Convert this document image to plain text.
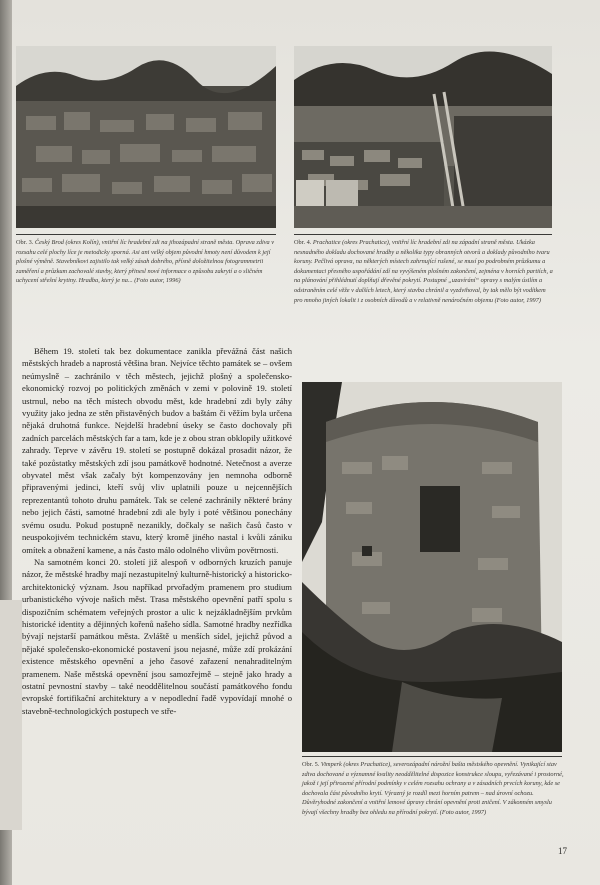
Obr. 3. Český Brod (okres Kolín), vnitřní líc hradební zdi na jihozápadní straně města. Oprava zdiva v rozsahu celé plochy líce je metodicky sporná. Asi ani velký objem původní hmoty není důvodem k její plošné výměně. Stavebníkovi zajistilo tak velký zásah dobrého, přísně doložitelnou fotogrammetrii zaměření a průzkum zachovalé stavby, který přinesl nové informace o způsobu zakrytí a o sličném uchycení střešní krytiny. Hradba, který je na... (Foto autor, 1996)
Obr. 4. Prachatice (okres Prachatice), vnitřní líc hradební zdi na západní straně města. Ukázka nesnadného dokladu dochované hradby a několika typy obranných otvorů a doklady původního tvaru koruny. Pečlivá oprava, na některých místech zahrnující rušené, se musí po podrobném průzkumu a dokumentaci přesného uspořádání zdí na vyvýšeném plošném zakončení, zejména v horních partiích, a na plánování přihlédnutí doplňují dřevěné pokrytí. Postupné „uzavírání“ opravy s malým úsilím a odstraněním celé věže v dalších letech, který stavba chránil a vyzdvihoval, by tak mělo být vodítkem pro mnoho jiných lokalit i z osobních důvodů a v relativně nenáročném objemu (Foto autor, 1997)
Obr. 5. Vimperk (okres Prachatice), severozápadní nárožní bašta městského opevnění. Vynikající stav zdiva dochované a významné kvality neoddělitelné dispozice konstrukce sloupu, vyřezávané i prostorné, jakož i její přirozené přírodní podmínky v celém rozsahu ochrany a v zásadních prvcích koruny, kde se dochovala část původního krytí. Výrazný je rozdíl mezi horním patrem – nad úrovní ochozu. Důvěryhodné zakončení a vnitřní lemové úpravy chrání opevnění proti zničení. V zákonném smyslu bývají všechny hradby bez ohledu na přírodní pokrytí. (Foto autor, 1997)

Během 19. století tak bez dokumentace zanikla převážná část našich městských hradeb a naprostá většina bran. Nejvíce těchto památek se – ovšem neúmyslně – zachránilo v těch městech, jejichž plošný a společensko-ekonomický rozvoj po politických změnách v zemi v polovině 19. století ustrnul, nebo na těch místech obvodu měst, kde hradební zdi byly záhy využity jako jedna ze stěn přistavěných budov a baštám či věžím byla určena nějaká druhotná funkce. Nejdelší hradební úseky se často dochovaly při zadních parcelách městských far a tam, kde je z obou stran obklopily užitkové zahrady. Teprve v závěru 19. století se postupně dokázal prosadit názor, že také pozůstatky městských zdí jsou památkově hodnotné. Netečnost a averze obyvatel měst však začaly být kompenzovány jen nemnoha odborně připravenými jedinci, kteří svůj vliv uplatnili pouze u nejcennějších reprezentantů tohoto druhu památek. Tak se celené zachránily některé brány nebo jejich části, samotné hradební zdi ale byly i poté většinou ponechány svému osudu. Pokud postupně nezanikly, dočkaly se našich časů často v neuspokojivém technickém stavu, který kromě jiného nastal i kvůli zániku omítek a obnažení kamene, a nás často málo odolného vlivům povětrnosti.

Na samotném konci 20. století již alespoň v odborných kruzích panuje názor, že městské hradby mají nezastupitelný kulturně-historický a historicko-architektonický význam. Jsou napříkad prvořadým pramenem pro studium urbanistického vývoje našich měst. Trasa městského opevnění patří spolu s dispozičním schématem veřejných prostor a ulic k nejzákladnějším prvkům historické identity a dějinných kořenů našeho sídla. Samotné hradby nezřídka bývají nejstarší památkou města. Zvláště u menších sídel, jejichž původ a nějaké společensko-ekonomické postavení jsou nejasné, může zdí prokázání existence městského opevnění a jeho časové zařazení nenahraditelným pramenem. Naše městská opevnění jsou samozřejmě – stejně jako hrady a ostatní pevnostní stavby – také neoddělitelnou součástí památkového fondu evropské fortifikační architektury a v nepodlední řadě vypovídají mnohé o stavebně-technologických postupech ve stře-

17
